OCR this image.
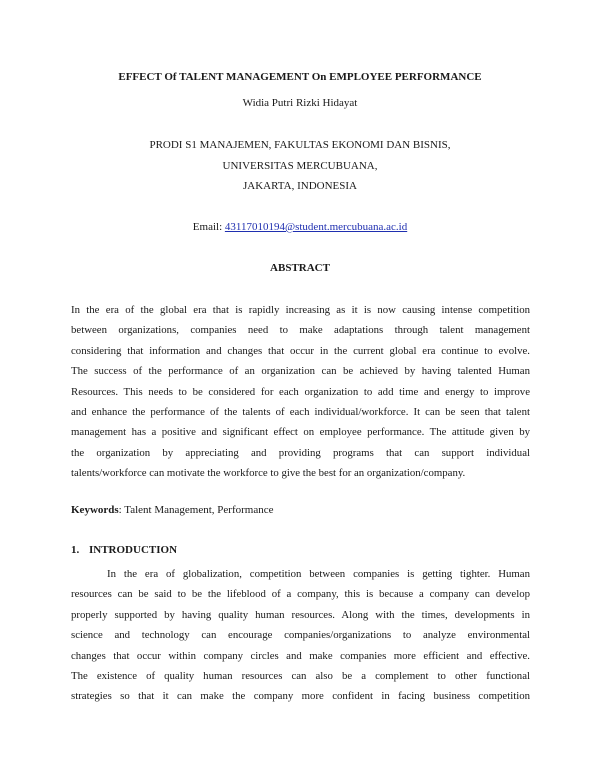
EFFECT Of TALENT MANAGEMENT On EMPLOYEE PERFORMANCE
Widia Putri Rizki Hidayat
PRODI S1 MANAJEMEN, FAKULTAS EKONOMI DAN BISNIS,
UNIVERSITAS MERCUBUANA,
JAKARTA, INDONESIA
Email: 43117010194@student.mercubuana.ac.id
ABSTRACT
In the era of the global era that is rapidly increasing as it is now causing intense competition
between organizations, companies need to make adaptations through talent management
considering that information and changes that occur in the current global era continue to evolve.
The success of the performance of an organization can be achieved by having talented Human
Resources. This needs to be considered for each organization to add time and energy to improve
and enhance the performance of the talents of each individual/workforce. It can be seen that talent
management has a positive and significant effect on employee performance. The attitude given by
the organization by appreciating and providing programs that can support individual
talents/workforce can motivate the workforce to give the best for an organization/company.
Keywords: Talent Management, Performance
1. INTRODUCTION
In the era of globalization, competition between companies is getting tighter. Human
resources can be said to be the lifeblood of a company, this is because a company can develop
properly supported by having quality human resources. Along with the times, developments in
science and technology can encourage companies/organizations to analyze environmental
changes that occur within company circles and make companies more efficient and effective.
The existence of quality human resources can also be a complement to other functional
strategies so that it can make the company more confident in facing business competition
